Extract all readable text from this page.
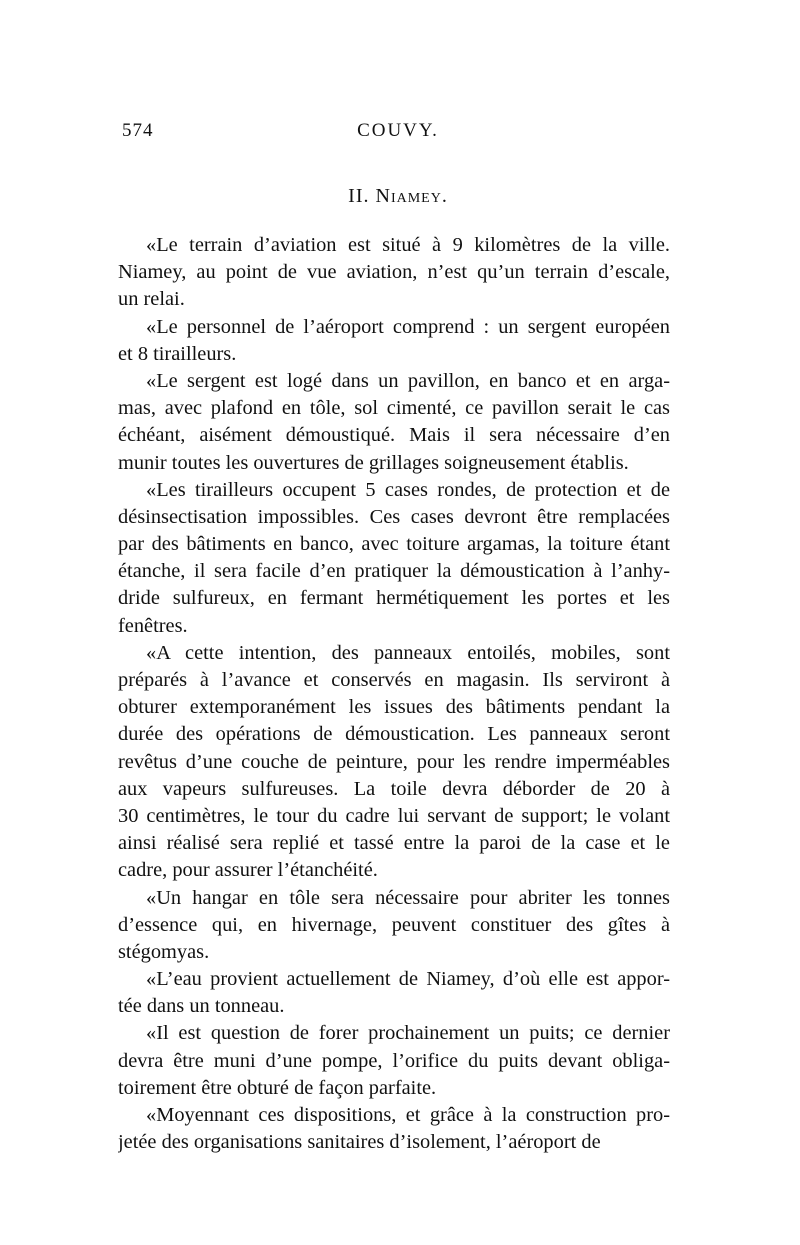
574	COUVY.
II. Niamey.
«Le terrain d’aviation est situé à 9 kilomètres de la ville.
Niamey, au point de vue aviation, n’est qu’un terrain d’escale,
un relai.
«Le personnel de l’aéroport comprend : un sergent européen
et 8 tirailleurs.
«Le sergent est logé dans un pavillon, en banco et en arga-
mas, avec plafond en tôle, sol cimenté, ce pavillon serait le cas
échéant, aisément démoustiqué. Mais il sera nécessaire d’en
munir toutes les ouvertures de grillages soigneusement établis.
«Les tirailleurs occupent 5 cases rondes, de protection et de
désinsectisation impossibles. Ces cases devront être remplacées
par des bâtiments en banco, avec toiture argamas, la toiture étant
étanche, il sera facile d’en pratiquer la démoustication à l’anhy-
dride sulfureux, en fermant hermétiquement les portes et les
fenêtres.
«A cette intention, des panneaux entoilés, mobiles, sont
préparés à l’avance et conservés en magasin. Ils serviront à
obturer extemporanément les issues des bâtiments pendant la
durée des opérations de démoustication. Les panneaux seront
revêtus d’une couche de peinture, pour les rendre imperméables
aux vapeurs sulfureuses. La toile devra déborder de 20 à
30 centimètres, le tour du cadre lui servant de support; le volant
ainsi réalisé sera replié et tassé entre la paroi de la case et le
cadre, pour assurer l’étanchéité.
«Un hangar en tôle sera nécessaire pour abriter les tonnes
d’essence qui, en hivernage, peuvent constituer des gîtes à
stégomyas.
«L’eau provient actuellement de Niamey, d’où elle est appor-
tée dans un tonneau.
«Il est question de forer prochainement un puits; ce dernier
devra être muni d’une pompe, l’orifice du puits devant obliga-
toirement être obturé de façon parfaite.
«Moyennant ces dispositions, et grâce à la construction pro-
jetée des organisations sanitaires d’isolement, l’aéroport de
